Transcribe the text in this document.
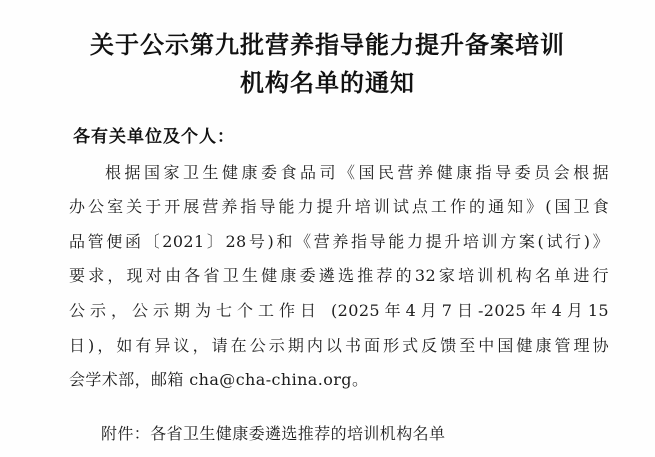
关于公示第九批营养指导能力提升备案培训
机构名单的通知
各有关单位及个人：
根据国家卫生健康委食品司《国民营养健康指导委员会根据
办公室关于开展营养指导能力提升培训试点工作的通知》(国卫食
品管便函〔2021〕28号)和《营养指导能力提升培训方案(试行)》
要求，现对由各省卫生健康委遴选推荐的32家培训机构名单进行
公示，公示期为七个工作日 (2025年4月7日-2025年4月15
日)，如有异议，请在公示期内以书面形式反馈至中国健康管理协
会学术部，邮箱 cha@cha-china.org。
附件：各省卫生健康委遴选推荐的培训机构名单
